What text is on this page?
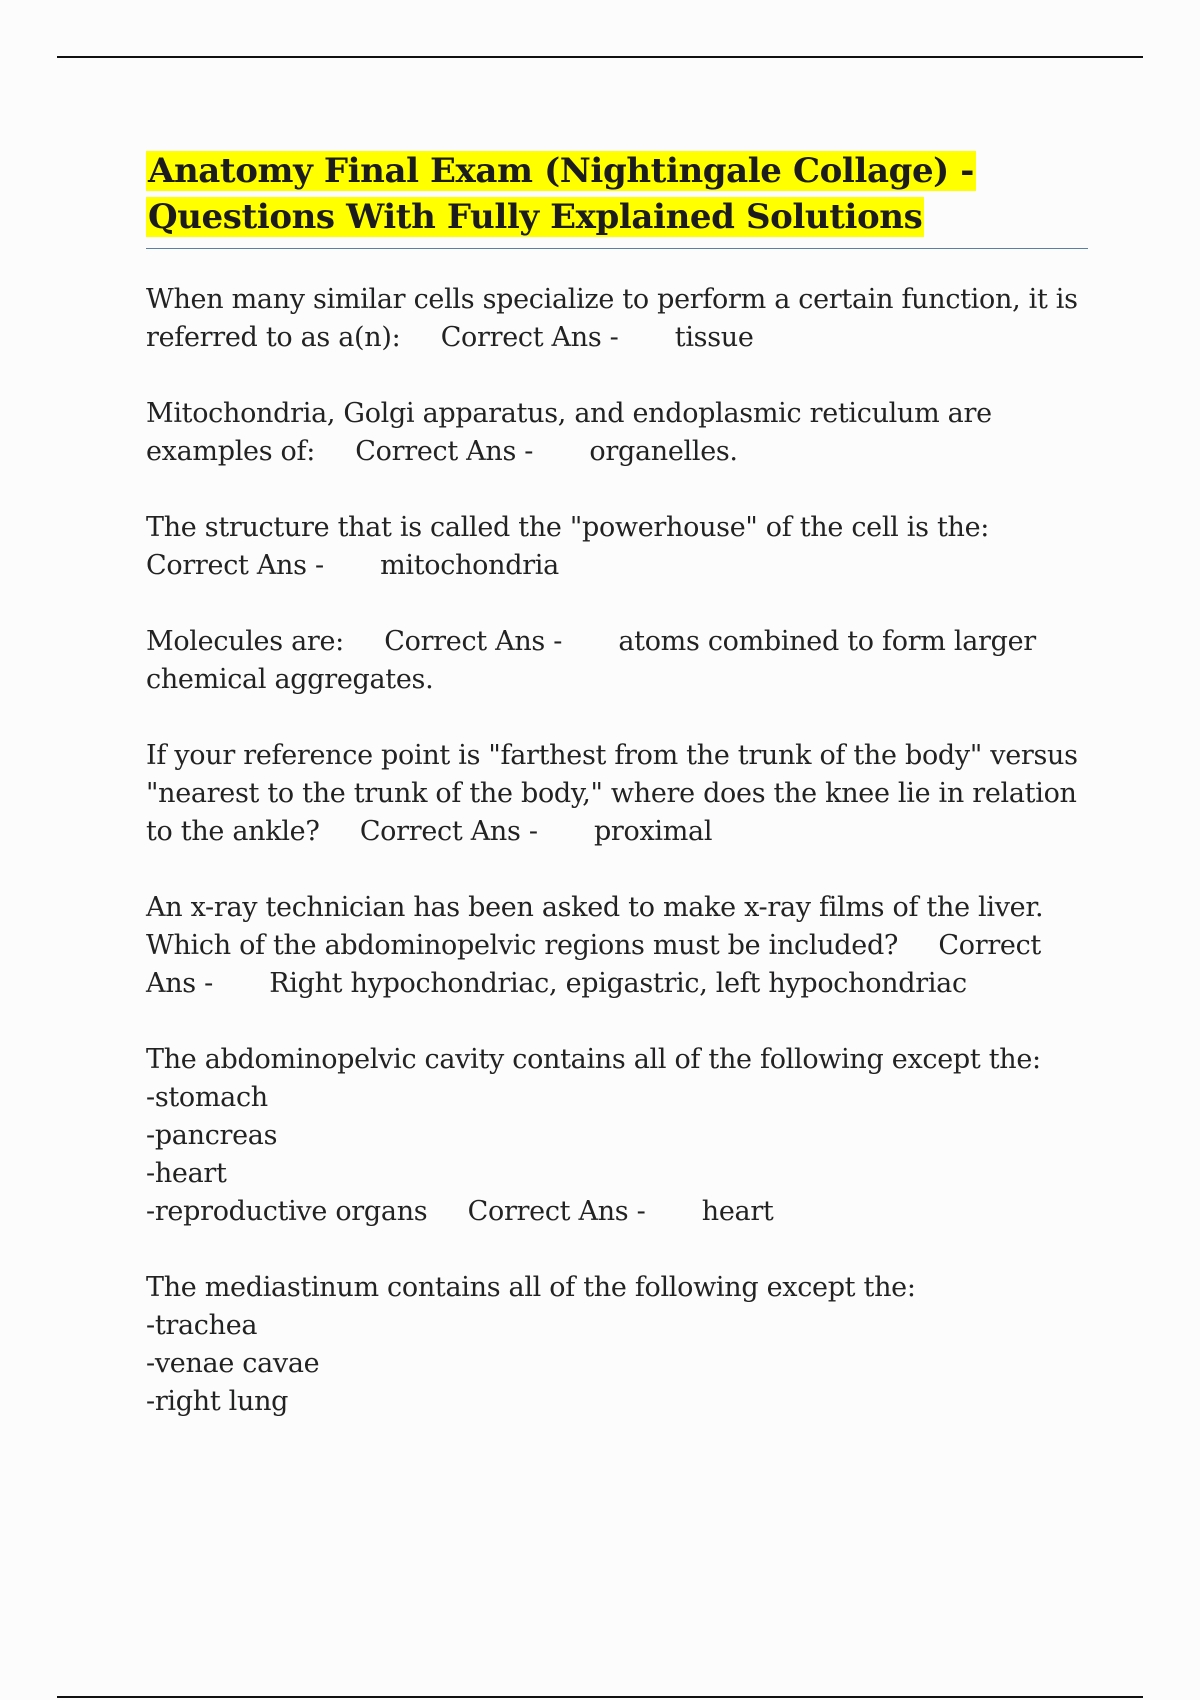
Anatomy Final Exam (Nightingale Collage) -
Questions With Fully Explained Solutions
When many similar cells specialize to perform a certain function, it is referred to as a(n): Correct Ans - tissue
Mitochondria, Golgi apparatus, and endoplasmic reticulum are examples of: Correct Ans - organelles.
The structure that is called the "powerhouse" of the cell is the:
Correct Ans - mitochondria
Molecules are: Correct Ans - atoms combined to form larger chemical aggregates.
If your reference point is "farthest from the trunk of the body" versus "nearest to the trunk of the body," where does the knee lie in relation to the ankle? Correct Ans - proximal
An x-ray technician has been asked to make x-ray films of the liver. Which of the abdominopelvic regions must be included? Correct Ans - Right hypochondriac, epigastric, left hypochondriac
The abdominopelvic cavity contains all of the following except the:
-stomach
-pancreas
-heart
-reproductive organs Correct Ans - heart
The mediastinum contains all of the following except the:
-trachea
-venae cavae
-right lung
